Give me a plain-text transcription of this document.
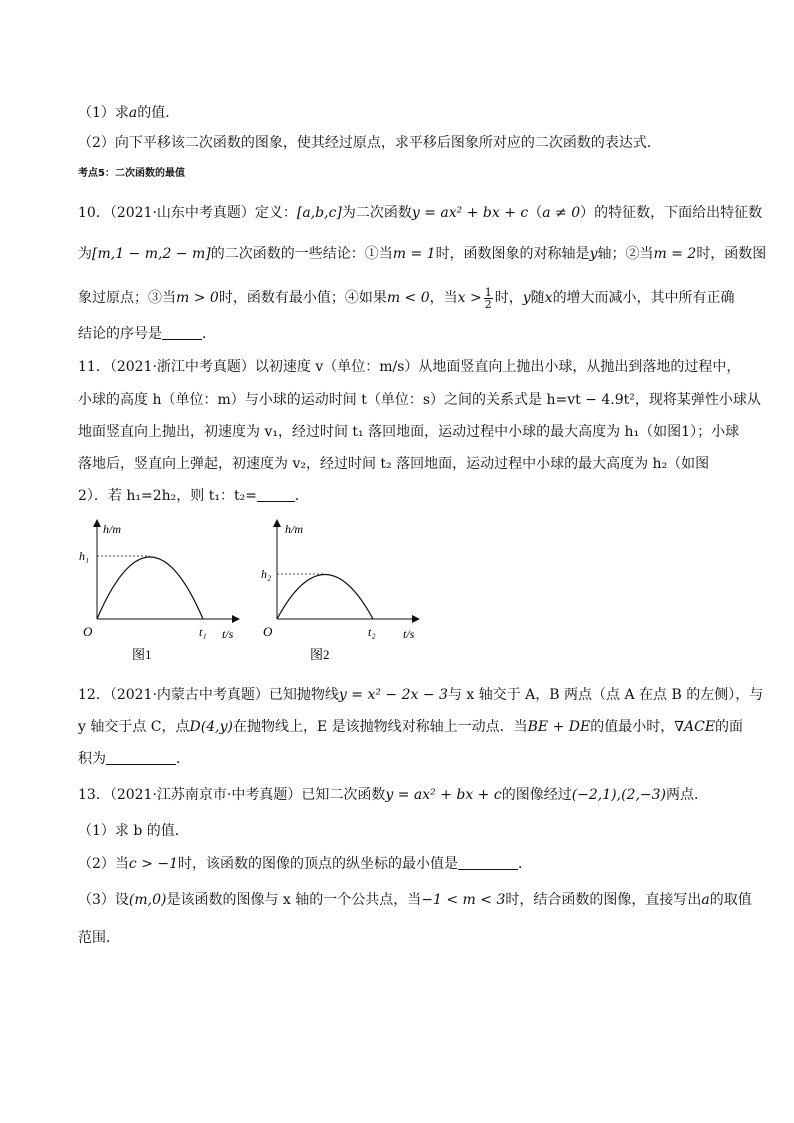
（1）求a的值．
（2）向下平移该二次函数的图象，使其经过原点，求平移后图象所对应的二次函数的表达式．
考点5：二次函数的最值
10．（2021·山东中考真题）定义：[a,b,c]为二次函数y = ax² + bx + c（a ≠ 0）的特征数，下面给出特征数
为[m,1 − m,2 − m]的二次函数的一些结论：①当m = 1时，函数图象的对称轴是y轴；②当m = 2时，函数图
象过原点；③当m > 0时，函数有最小值；④如果m < 0，当$x > \frac{1}{2}$ 时，y随x的增大而减小，其中所有正确
结论的序号是	．
11．（2021·浙江中考真题）以初速度 v（单位：m/s）从地面竖直向上抛出小球，从抛出到落地的过程中，
小球的高度 h（单位：m）与小球的运动时间 t（单位：s）之间的关系式是 h=vt − 4.9t²，现将某弹性小球从
地面竖直向上抛出，初速度为 v₁，经过时间 t₁ 落回地面，运动过程中小球的最大高度为 h₁（如图1）；小球
落地后，竖直向上弹起，初速度为 v₂，经过时间 t₂ 落回地面，运动过程中小球的最大高度为 h₂（如图
2）．若 h₁=2h₂，则 t₁：t₂=	．
h/m
h₁
O	t₁ t/s
图1
h/m
h₂
O	t₂ t/s
图2
12．（2021·内蒙古中考真题）已知抛物线y = x² − 2x − 3与 x 轴交于 A，B 两点（点 A 在点 B 的左侧），与
y 轴交于点 C，点D(4,y)在抛物线上，E 是该抛物线对称轴上一动点．当BE + DE的值最小时，∇ACE的面
积为	．
13．（2021·江苏南京市·中考真题）已知二次函数y = ax² + bx + c的图像经过(−2,1),(2,−3)两点．
（1）求 b 的值．
（2）当c > −1时，该函数的图像的顶点的纵坐标的最小值是	．
（3）设(m,0)是该函数的图像与 x 轴的一个公共点，当−1 < m < 3时，结合函数的图像，直接写出a的取值
范围．
